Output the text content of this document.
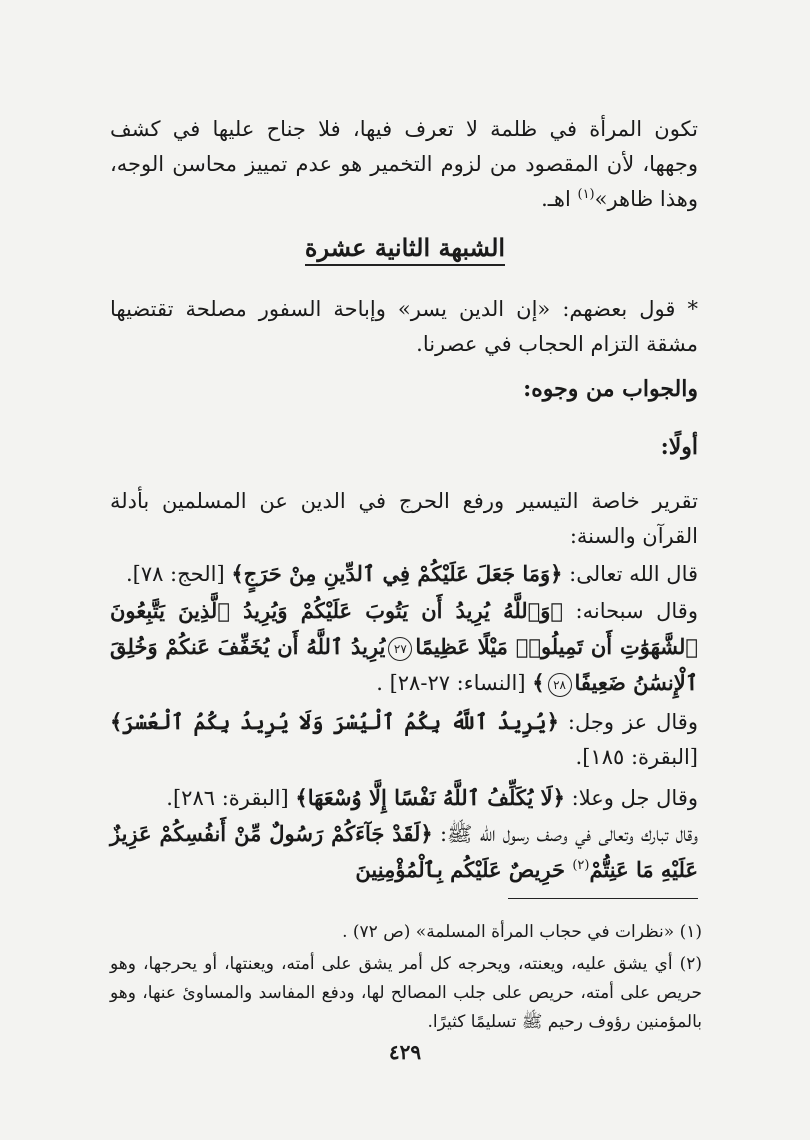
تكون المرأة في ظلمة لا تعرف فيها، فلا جناح عليها في كشف وجهها، لأن المقصود من لزوم التخمير هو عدم تمييز محاسن الوجه، وهذا ظاهر»$^{(١)}$ اهـ.

الشبهة الثانية عشرة

* قول بعضهم: «إن الدين يسر» وإباحة السفور مصلحة تقتضيها مشقة التزام الحجاب في عصرنا.

والجواب من وجوه:
أولًا:

تقرير خاصة التيسير ورفع الحرج في الدين عن المسلمين بأدلة القرآن والسنة:

قال الله تعالى: ﴿وَمَا جَعَلَ عَلَيْكُمْ فِي ٱلدِّينِ مِنْ حَرَجٍ﴾ [الحج: ٧٨].

وقال سبحانه: ﴿وَٱللَّهُ يُرِيدُ أَن يَتُوبَ عَلَيْكُمْ وَيُرِيدُ ٱلَّذِينَ يَتَّبِعُونَ ٱلشَّهَوَٰتِ أَن تَمِيلُوا۟ مَيْلًا عَظِيمًا٢٧يُرِيدُ ٱللَّهُ أَن يُخَفِّفَ عَنكُمْ وَخُلِقَ ٱلْإِنسَٰنُ ضَعِيفًا٢٨﴾ [النساء: ٢٧-٢٨] .

وقال عز وجل: ﴿يُرِيدُ ٱللَّهُ بِكُمُ ٱلْيُسْرَ وَلَا يُرِيدُ بِكُمُ ٱلْعُسْرَ﴾ [البقرة: ١٨٥].

وقال جل وعلا: ﴿لَا يُكَلِّفُ ٱللَّهُ نَفْسًا إِلَّا وُسْعَهَا﴾ [البقرة: ٢٨٦].

وقال تبارك وتعالى في وصف رسول الله ﷺ: ﴿لَقَدْ جَآءَكُمْ رَسُولٌ مِّنْ أَنفُسِكُمْ عَزِيزٌ عَلَيْهِ مَا عَنِتُّمْ$^{(٢)}$ حَرِيصٌ عَلَيْكُم بِٱلْمُؤْمِنِينَ

(١) «نظرات في حجاب المرأة المسلمة» (ص ٧٢) .

(٢) أي يشق عليه، ويعنته، ويحرجه كل أمر يشق على أمته، ويعنتها، أو يحرجها، وهو حريص على أمته، حريص على جلب المصالح لها، ودفع المفاسد والمساوئ عنها، وهو بالمؤمنين رؤوف رحيم ﷺ تسليمًا كثيرًا.

٤٢٩
